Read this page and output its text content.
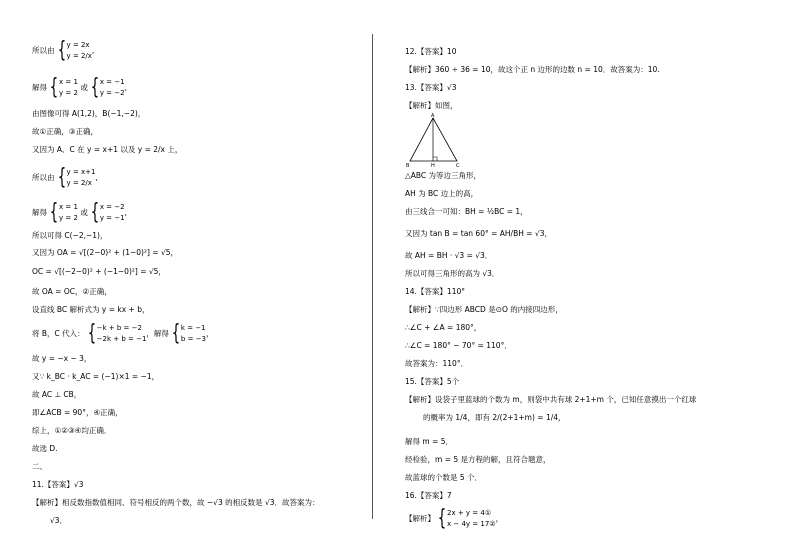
所以由 {y = 2x
y = 2/x,
解得 {x = 1
y = 2 或 {x = −1
y = −2,
由图像可得 A(1,2)，B(−1,−2)，
故①正确，③正确，
又因为 A、C 在 y = x+1 以及 y = 2/x 上，
所以由 {y = x+1
y = 2/x,
解得 {x = 1
y = 2 或 {x = −2
y = −1,
所以可得 C(−2,−1)，
又因为 OA = √[(2−0)² + (1−0)²] = √5，
OC = √[(−2−0)² + (−1−0)²] = √5，
故 OA = OC，②正确，
设直线 BC 解析式为 y = kx + b，
将 B，C 代入： {−k + b = −2
−2k + b = −1，解得 {k = −1
b = −3，
故 y = −x − 3，
又∵ k_BC · k_AC = (−1)×1 = −1，
故 AC ⊥ CB，
即∠ACB = 90°，④正确，
综上，①②③④均正确．
故选 D.
二、
11.【答案】√3
【解析】相反数指数值相同、符号相反的两个数，故 −√3 的相反数是 √3．故答案为：
√3．
12.【答案】10
【解析】360 ÷ 36 = 10，故这个正 n 边形的边数 n = 10．故答案为：10.
13.【答案】√3
【解析】如图，
A
B	H	C
△ABC 为等边三角形，
AH 为 BC 边上的高，
由三线合一可知：BH = ½BC = 1，
又因为 tan B = tan 60° = AH/BH = √3，
故 AH = BH · √3 = √3．
所以可得三角形的高为 √3．
14.【答案】110°
【解析】∵四边形 ABCD 是⊙O 的内接四边形，
∴∠C + ∠A = 180°，
∴∠C = 180° − 70° = 110°．
故答案为：110°．
15.【答案】5个
【解析】设袋子里蓝球的个数为 m，则袋中共有球 2+1+m 个，已知任意摸出一个红球
的概率为 1/4，即有 2/(2+1+m) = 1/4，
解得 m = 5．
经检验，m = 5 是方程的解，且符合题意，
故蓝球的个数是 5 个．
16.【答案】7
【解析】 {2x + y = 4①
x − 4y = 17②，
